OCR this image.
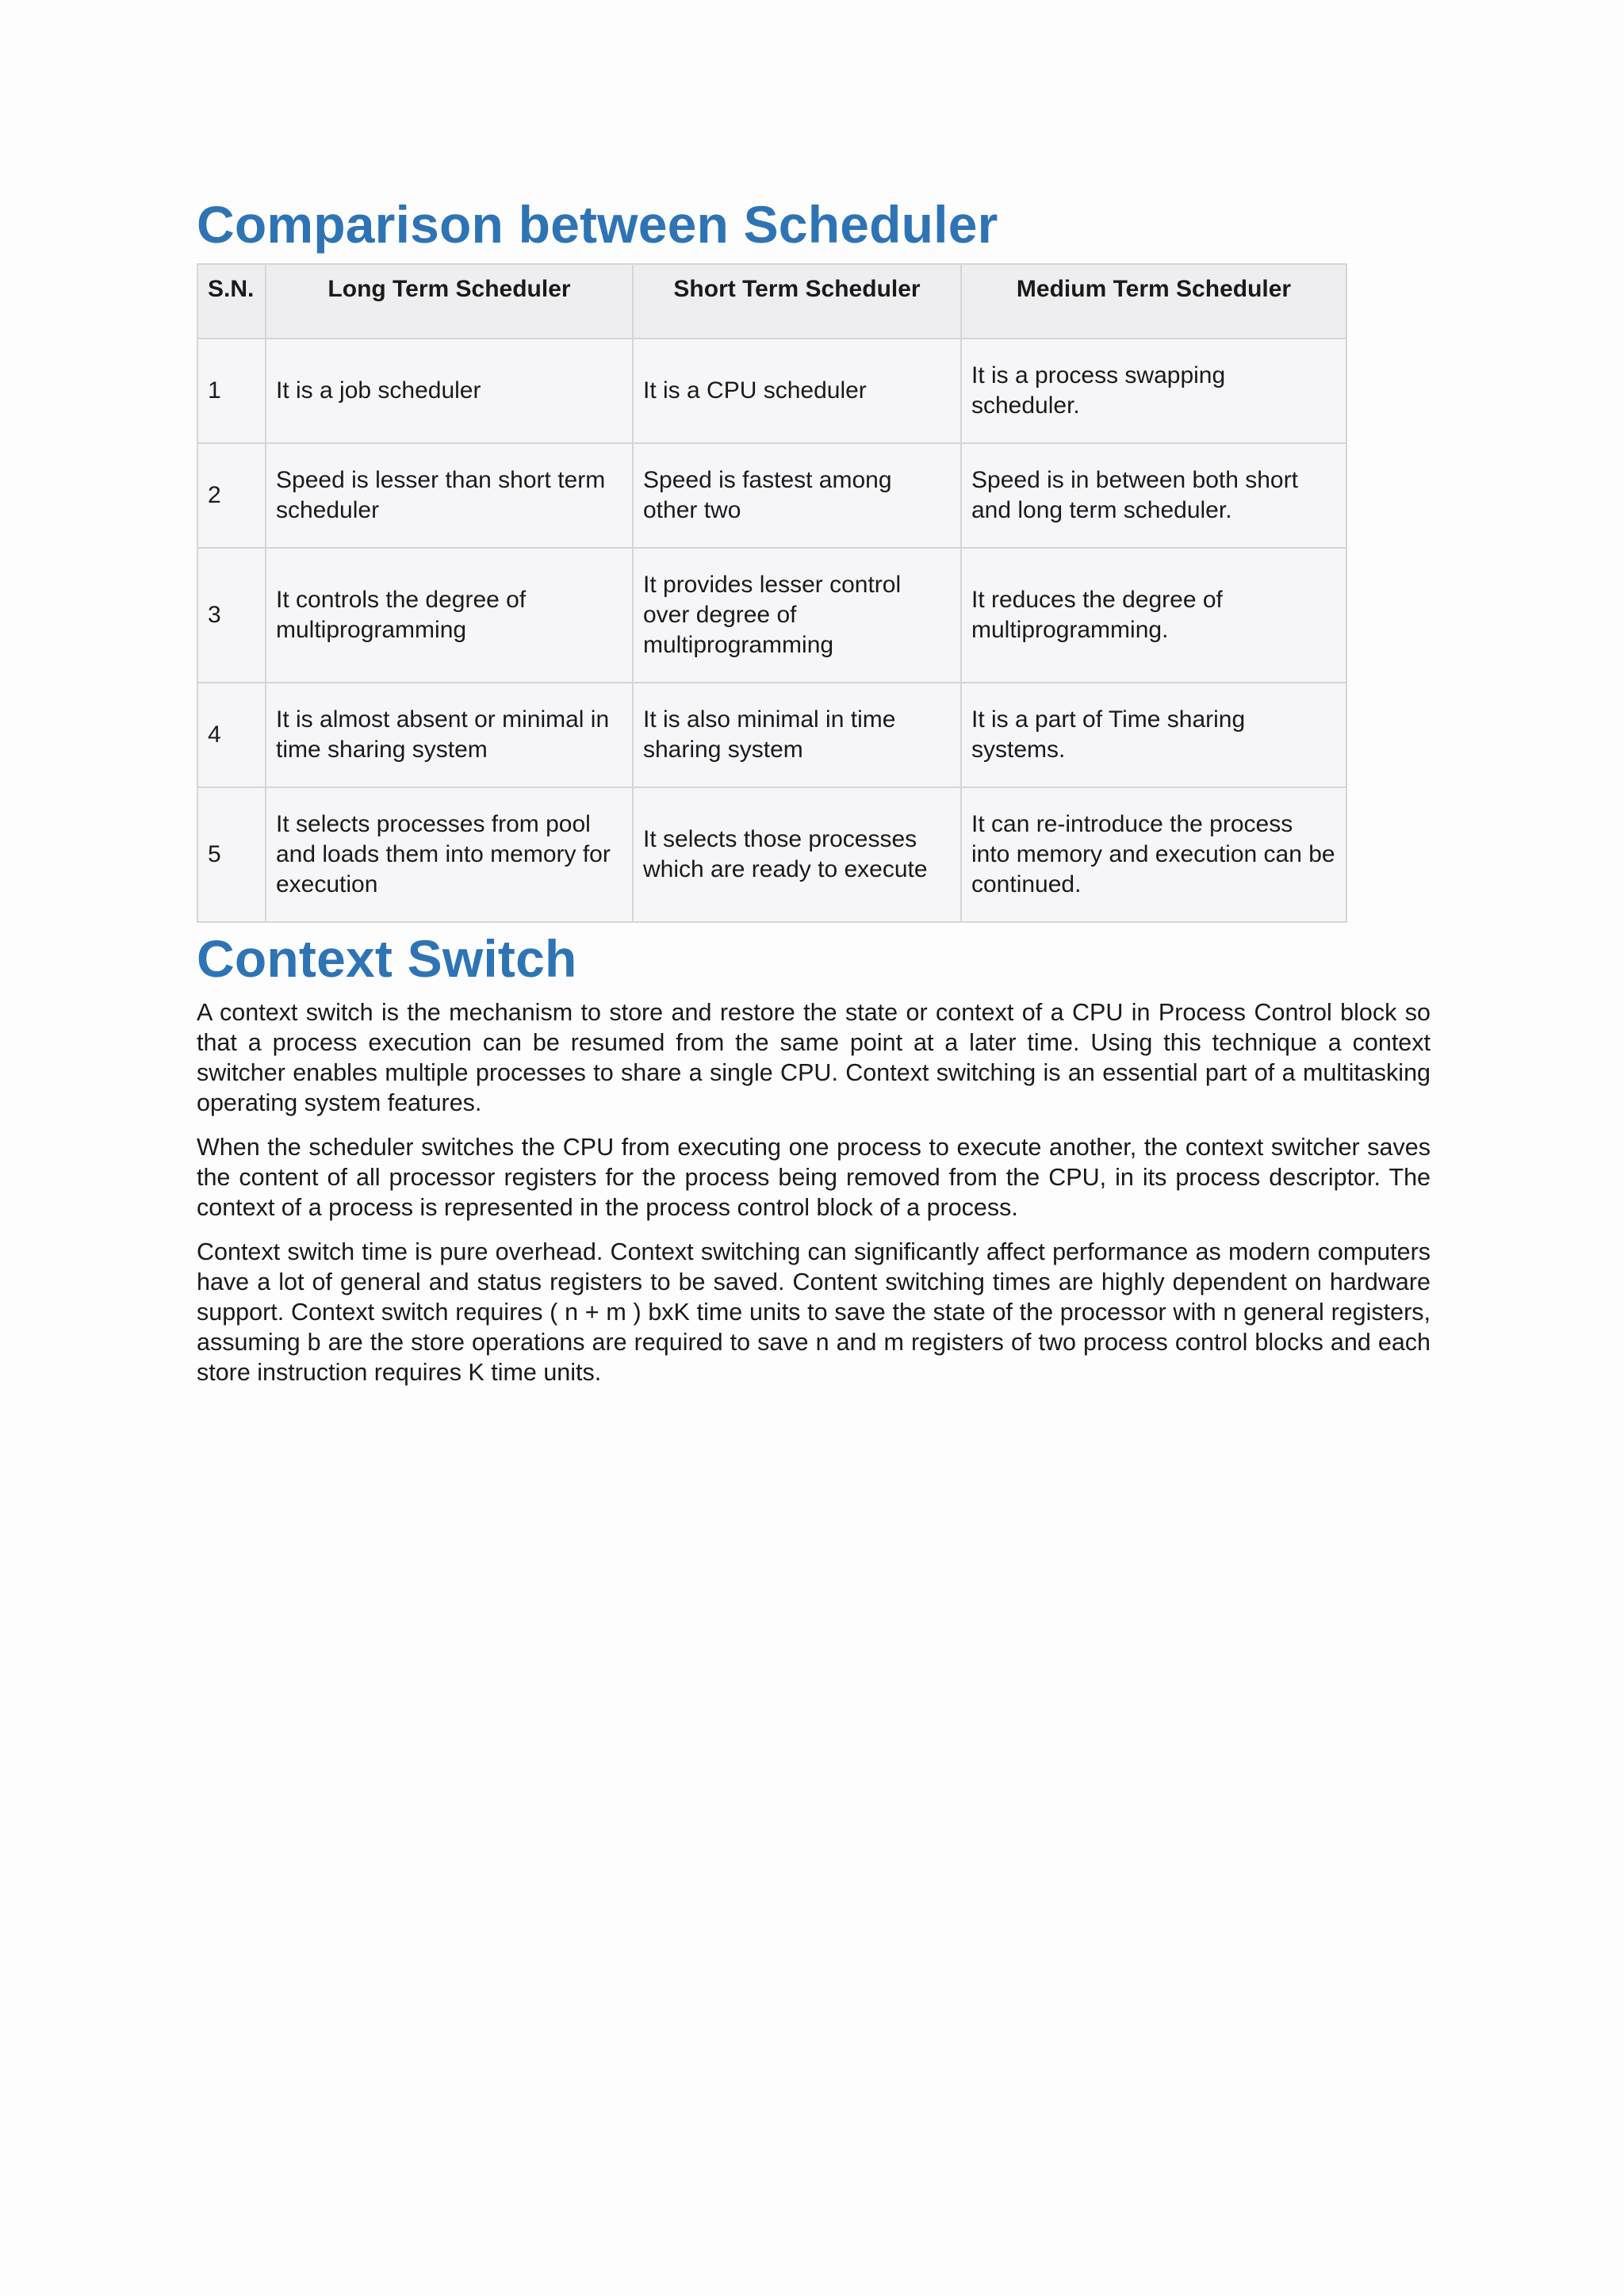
Comparison between Scheduler
S.N.	Long Term Scheduler	Short Term Scheduler	Medium Term Scheduler
1	It is a job scheduler	It is a CPU scheduler	It is a process swapping scheduler.
2	Speed is lesser than short term scheduler	Speed is fastest among other two	Speed is in between both short and long term scheduler.
3	It controls the degree of multiprogramming	It provides lesser control over degree of multiprogramming	It reduces the degree of multiprogramming.
4	It is almost absent or minimal in time sharing system	It is also minimal in time sharing system	It is a part of Time sharing systems.
5	It selects processes from pool and loads them into memory for execution	It selects those processes which are ready to execute	It can re-introduce the process into memory and execution can be continued.
Context Switch

A context switch is the mechanism to store and restore the state or context of a CPU in Process Control block so that a process execution can be resumed from the same point at a later time. Using this technique a context switcher enables multiple processes to share a single CPU. Context switching is an essential part of a multitasking operating system features.

When the scheduler switches the CPU from executing one process to execute another, the context switcher saves the content of all processor registers for the process being removed from the CPU, in its process descriptor. The context of a process is represented in the process control block of a process.

Context switch time is pure overhead. Context switching can significantly affect performance as modern computers have a lot of general and status registers to be saved. Content switching times are highly dependent on hardware support. Context switch requires ( n + m ) bxK time units to save the state of the processor with n general registers, assuming b are the store operations are required to save n and m registers of two process control blocks and each store instruction requires K time units.
